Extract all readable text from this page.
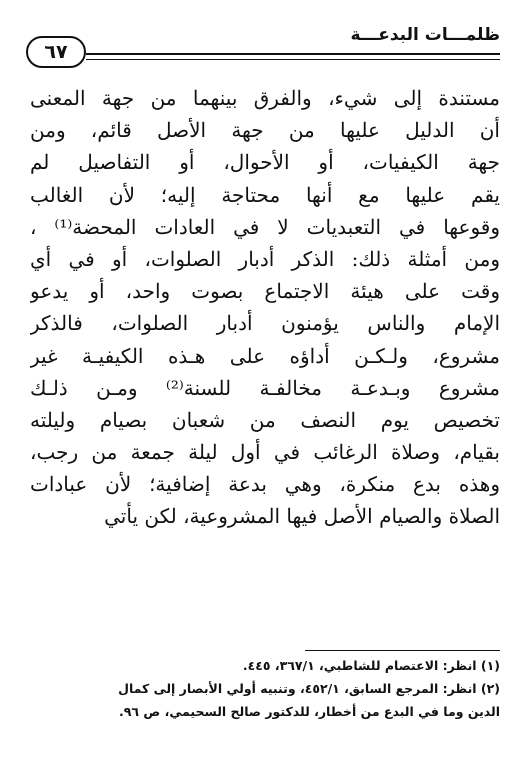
٦٧
ظلمـــات البدعـــة
مستندة إلى شيء، والفرق بينهما من جهة المعنى
أن الدليل عليها من جهة الأصل قائم، ومن
جهة الكيفيات، أو الأحوال، أو التفاصيل لم
يقم عليها مع أنها محتاجة إليه؛ لأن الغالب
وقوعها في التعبديات لا في العادات المحضة⁽¹⁾ ،
ومن أمثلة ذلك: الذكر أدبار الصلوات، أو في أي
وقت على هيئة الاجتماع بصوت واحد، أو يدعو
الإمام والناس يؤمنون أدبار الصلوات، فالذكر
مشروع، ولـكـن أداؤه على هـذه الكيفيـة غير
مشروع وبـدعـة مخالفـة للسنة⁽²⁾ ومـن ذلـك
تخصيص يوم النصف من شعبان بصيام وليلته
بقيام، وصلاة الرغائب في أول ليلة جمعة من رجب،
وهذه بدع منكرة، وهي بدعة إضافية؛ لأن عبادات
الصلاة والصيام الأصل فيها المشروعية، لكن يأتي
(١) انظر: الاعتصام للشاطبي، ٣٦٧/١، ٤٤٥.
(٢) انظر: المرجع السابق، ٤٥٢/١، وتنبيه أولي الأبصار إلى كمال
الدين وما في البدع من أخطار، للدكتور صالح السحيمي، ص ٩٦.
